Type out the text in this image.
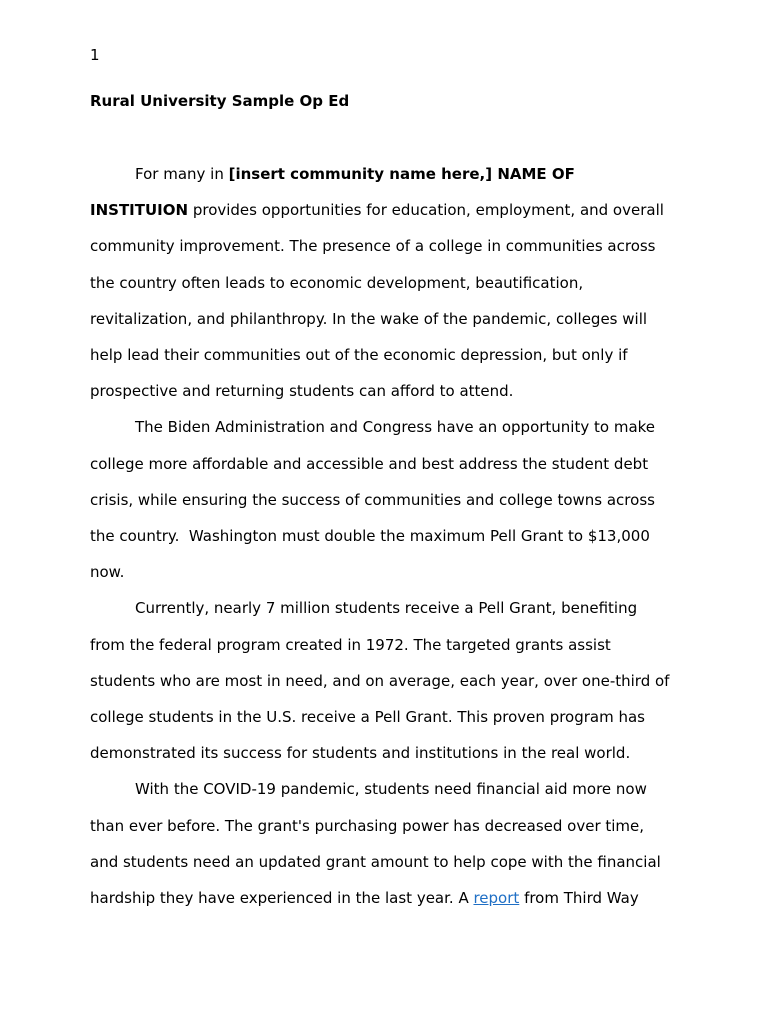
1
Rural University Sample Op Ed

For many in [insert community name here,] NAME OF
INSTITUION provides opportunities for education, employment, and overall
community improvement. The presence of a college in communities across
the country often leads to economic development, beautification,
revitalization, and philanthropy. In the wake of the pandemic, colleges will
help lead their communities out of the economic depression, but only if
prospective and returning students can afford to attend.

The Biden Administration and Congress have an opportunity to make
college more affordable and accessible and best address the student debt
crisis, while ensuring the success of communities and college towns across
the country.  Washington must double the maximum Pell Grant to $13,000
now.

Currently, nearly 7 million students receive a Pell Grant, benefiting
from the federal program created in 1972. The targeted grants assist
students who are most in need, and on average, each year, over one-third of
college students in the U.S. receive a Pell Grant. This proven program has
demonstrated its success for students and institutions in the real world.

With the COVID-19 pandemic, students need financial aid more now
than ever before. The grant's purchasing power has decreased over time,
and students need an updated grant amount to help cope with the financial
hardship they have experienced in the last year. A report from Third Way
